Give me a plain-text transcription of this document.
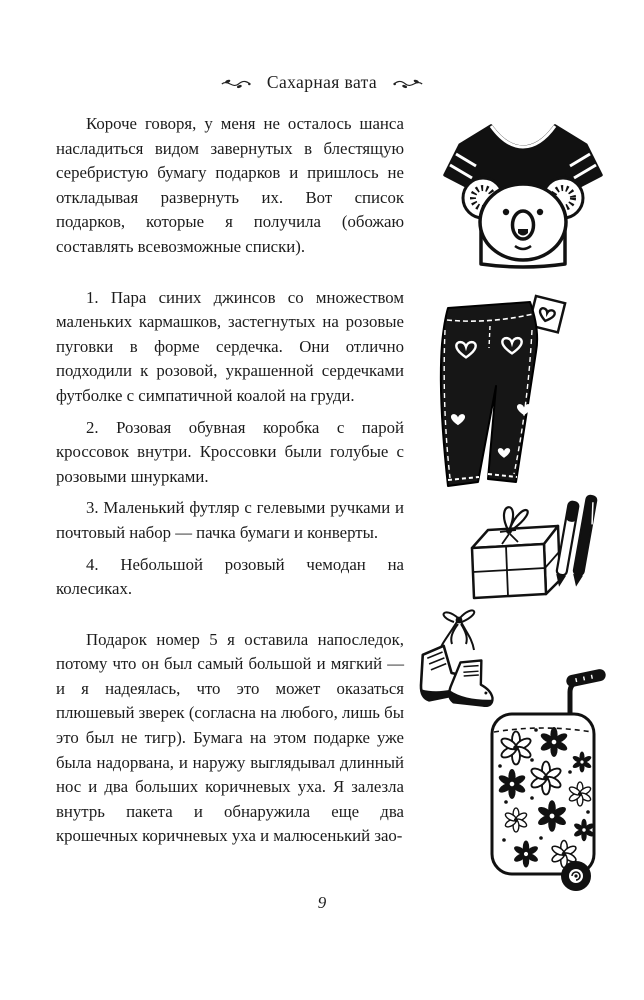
Сахарная вата

Короче говоря, у меня не осталось шанса насладиться видом завернутых в блестящую серебристую бумагу подарков и пришлось не откладывая развернуть их. Вот список подарков, которые я получила (обожаю составлять всевозможные списки).

1. Пара синих джинсов со множеством маленьких кармашков, застегнутых на розовые пуговки в форме сердечка. Они отлично подходили к розовой, украшенной сердечками футболке с симпатичной коалой на груди.

2. Розовая обувная коробка с парой кроссовок внутри. Кроссовки были голубые с розовыми шнурками.

3. Маленький футляр с гелевыми ручками и почтовый набор — пачка бумаги и конверты.

4. Небольшой розовый чемодан на колесиках.

Подарок номер 5 я оставила напоследок, потому что он был самый большой и мягкий — и я надеялась, что это может оказаться плюшевый зверек (согласна на любого, лишь бы это был не тигр). Бумага на этом подарке уже была надорвана, и наружу выглядывал длинный нос и два больших коричневых уха. Я залезла внутрь пакета и обнаружила еще два крошечных коричневых уха и малюсенький зао-

9
